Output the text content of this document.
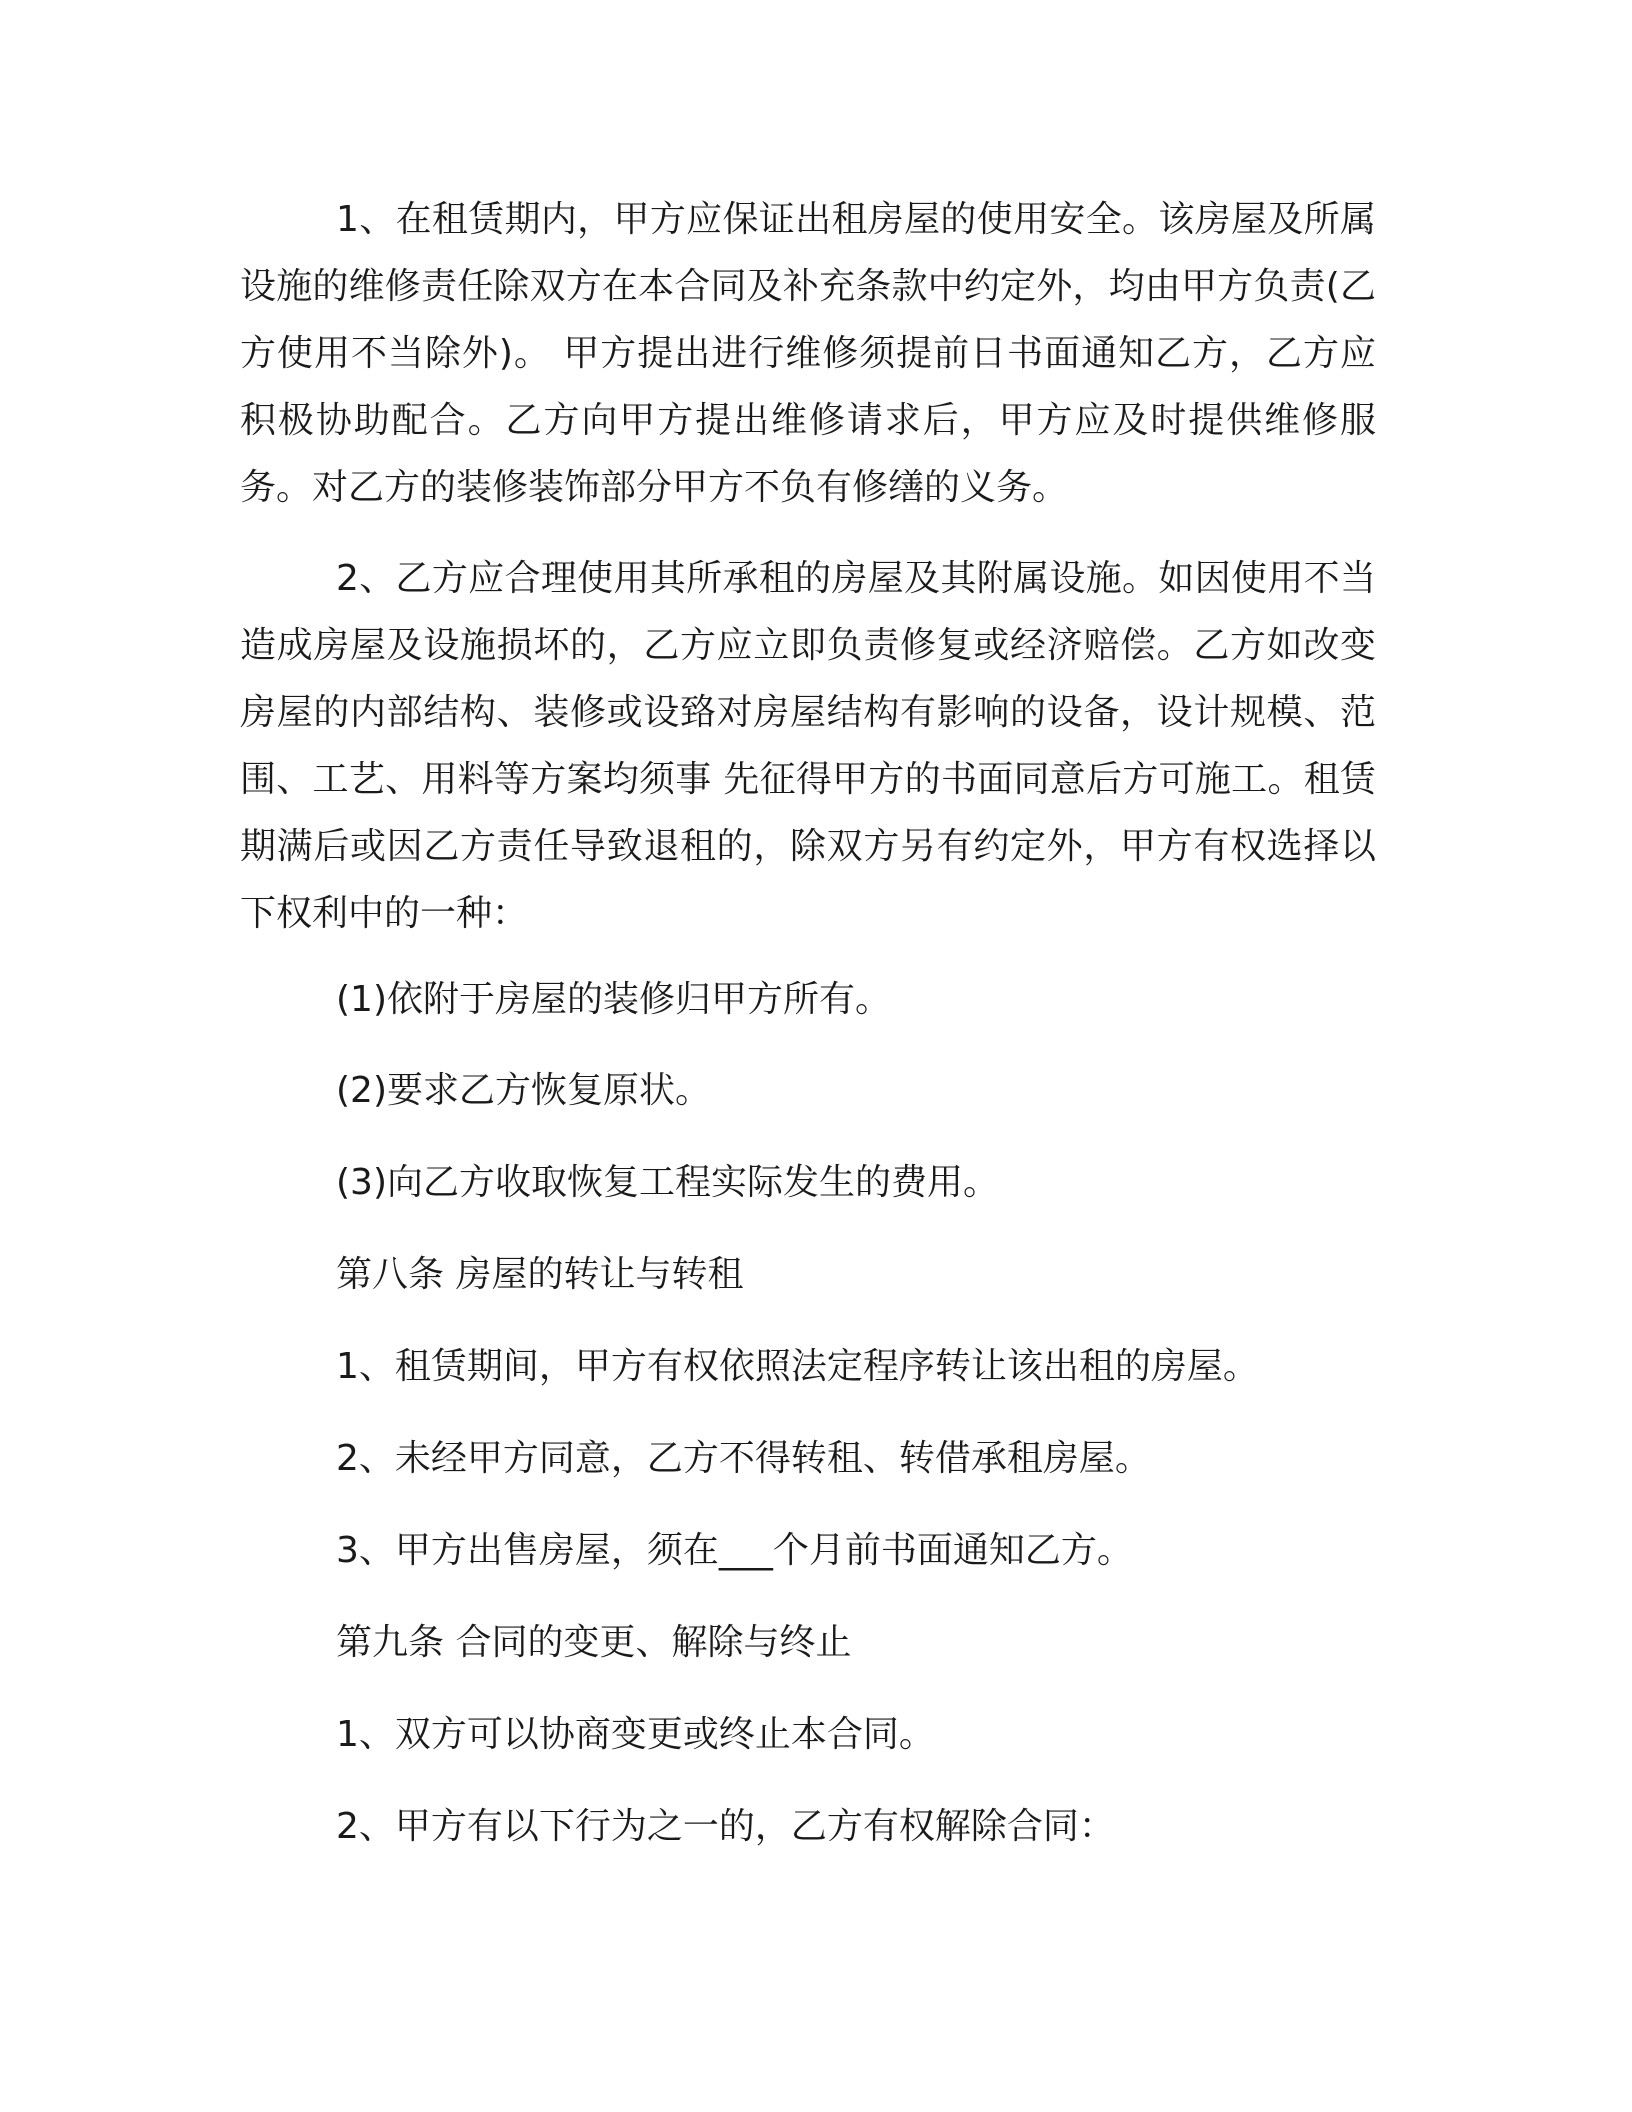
1、在租赁期内，甲方应保证出租房屋的使用安全。该房屋及所属设施的维修责任除双方在本合同及补充条款中约定外，均由甲方负责(乙方使用不当除外)。 甲方提出进行维修须提前日书面通知乙方，乙方应积极协助配合。乙方向甲方提出维修请求后，甲方应及时提供维修服务。对乙方的装修装饰部分甲方不负有修缮的义务。

2、乙方应合理使用其所承租的房屋及其附属设施。如因使用不当造成房屋及设施损坏的，乙方应立即负责修复或经济赔偿。乙方如改变房屋的内部结构、装修或设臵对房屋结构有影响的设备，设计规模、范围、工艺、用料等方案均须事 先征得甲方的书面同意后方可施工。租赁期满后或因乙方责任导致退租的，除双方另有约定外，甲方有权选择以下权利中的一种：

(1)依附于房屋的装修归甲方所有。

(2)要求乙方恢复原状。

(3)向乙方收取恢复工程实际发生的费用。

第八条 房屋的转让与转租

1、租赁期间，甲方有权依照法定程序转让该出租的房屋。

2、未经甲方同意，乙方不得转租、转借承租房屋。

3、甲方出售房屋，须在___个月前书面通知乙方。

第九条 合同的变更、解除与终止

1、双方可以协商变更或终止本合同。

2、甲方有以下行为之一的，乙方有权解除合同：
